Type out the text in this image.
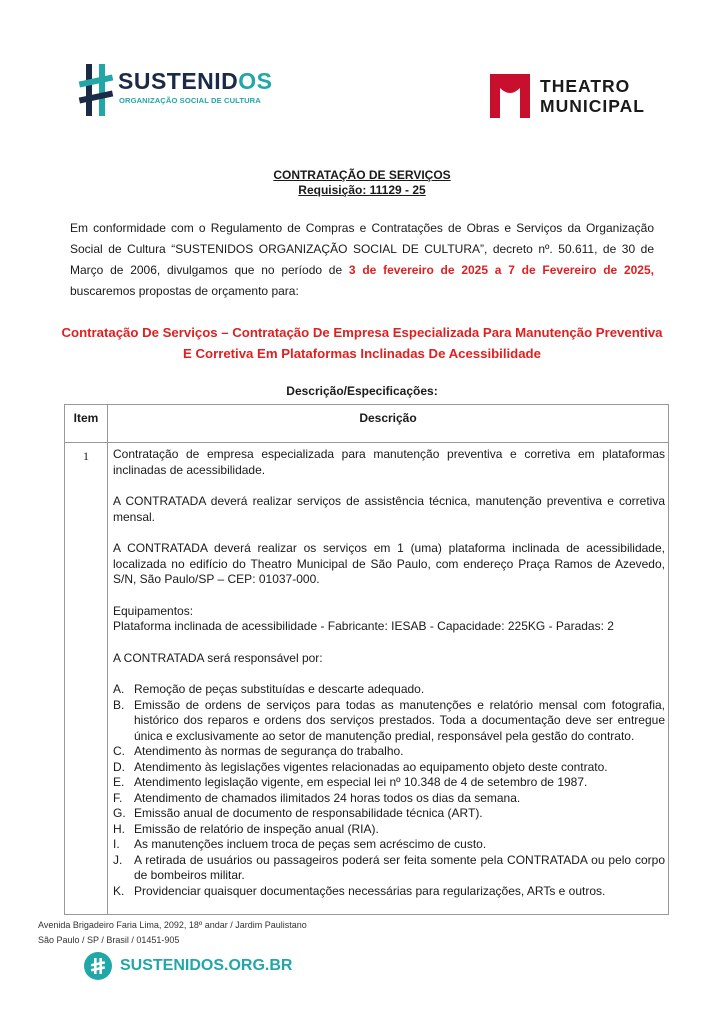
SUSTENIDOS
ORGANIZAÇÃO SOCIAL DE CULTURA
THEATRO
MUNICIPAL
CONTRATAÇÃO DE SERVIÇOS
Requisição: 11129 - 25
Em conformidade com o Regulamento de Compras e Contratações de Obras e Serviços da Organização Social de Cultura “SUSTENIDOS ORGANIZAÇÃO SOCIAL DE CULTURA”, decreto nº. 50.611, de 30 de Março de 2006, divulgamos que no período de 3 de fevereiro de 2025 a 7 de Fevereiro de 2025, buscaremos propostas de orçamento para:
Contratação De Serviços – Contratação De Empresa Especializada Para Manutenção Preventiva E Corretiva Em Plataformas Inclinadas De Acessibilidade
Descrição/Especificações:
Item	Descrição
1	Contratação de empresa especializada para manutenção preventiva e corretiva em plataformas inclinadas de acessibilidade.

A CONTRATADA deverá realizar serviços de assistência técnica, manutenção preventiva e corretiva mensal.

A CONTRATADA deverá realizar os serviços em 1 (uma) plataforma inclinada de acessibilidade, localizada no edifício do Theatro Municipal de São Paulo, com endereço Praça Ramos de Azevedo, S/N, São Paulo/SP – CEP: 01037-000.

Equipamentos:

Plataforma inclinada de acessibilidade - Fabricante: IESAB - Capacidade: 225KG - Paradas: 2

A CONTRATADA será responsável por:

A. Remoção de peças substituídas e descarte adequado.
B. Emissão de ordens de serviços para todas as manutenções e relatório mensal com fotografia, histórico dos reparos e ordens dos serviços prestados. Toda a documentação deve ser entregue única e exclusivamente ao setor de manutenção predial, responsável pela gestão do contrato.
C. Atendimento às normas de segurança do trabalho.
D. Atendimento às legislações vigentes relacionadas ao equipamento objeto deste contrato.
E. Atendimento legislação vigente, em especial lei nº 10.348 de 4 de setembro de 1987.
F. Atendimento de chamados ilimitados 24 horas todos os dias da semana.
G. Emissão anual de documento de responsabilidade técnica (ART).
H. Emissão de relatório de inspeção anual (RIA).
I. As manutenções incluem troca de peças sem acréscimo de custo.
J. A retirada de usuários ou passageiros poderá ser feita somente pela CONTRATADA ou pelo corpo de bombeiros militar.
K. Providenciar quaisquer documentações necessárias para regularizações, ARTs e outros.
Avenida Brigadeiro Faria Lima, 2092, 18º andar / Jardim Paulistano
São Paulo / SP / Brasil / 01451-905
SUSTENIDOS.ORG.BR
